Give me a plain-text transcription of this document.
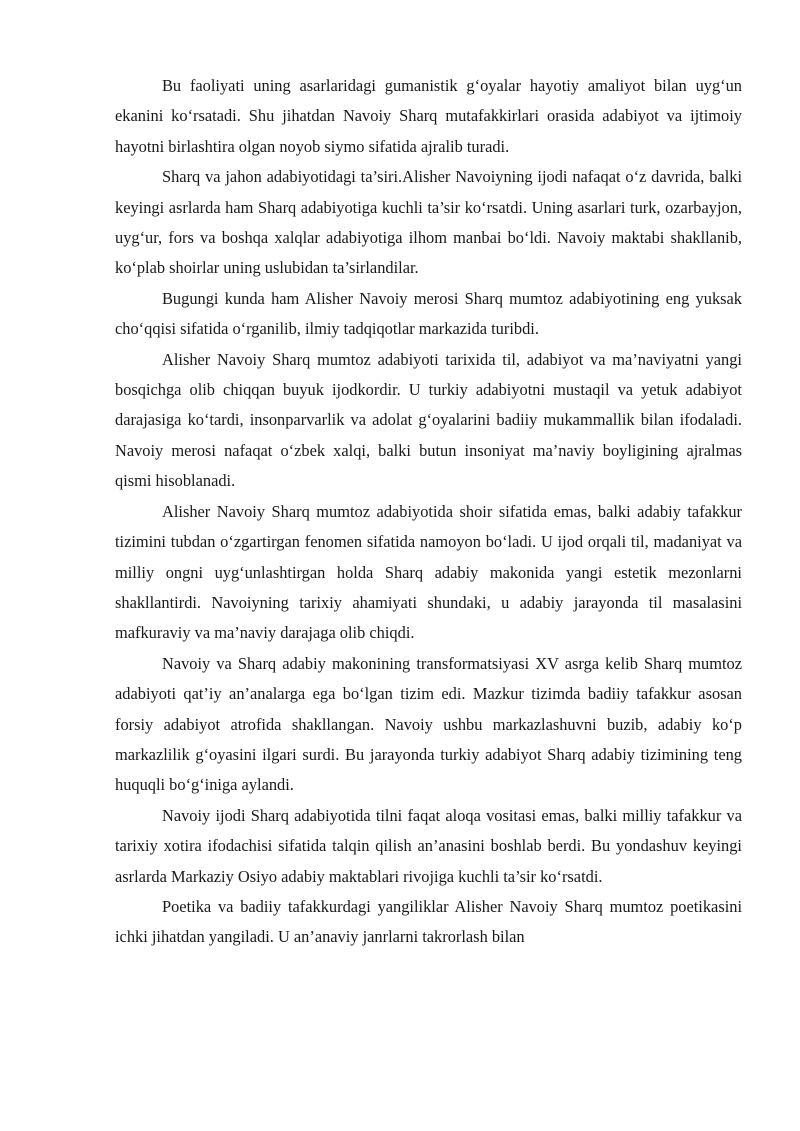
Bu faoliyati uning asarlaridagi gumanistik g‘oyalar hayotiy amaliyot bilan uyg‘un ekanini ko‘rsatadi. Shu jihatdan Navoiy Sharq mutafakkirlari orasida adabiyot va ijtimoiy hayotni birlashtira olgan noyob siymo sifatida ajralib turadi.

Sharq va jahon adabiyotidagi ta’siri.Alisher Navoiyning ijodi nafaqat o‘z davrida, balki keyingi asrlarda ham Sharq adabiyotiga kuchli ta’sir ko‘rsatdi. Uning asarlari turk, ozarbayjon, uyg‘ur, fors va boshqa xalqlar adabiyotiga ilhom manbai bo‘ldi. Navoiy maktabi shakllanib, ko‘plab shoirlar uning uslubidan ta’sirlandilar.

Bugungi kunda ham Alisher Navoiy merosi Sharq mumtoz adabiyotining eng yuksak cho‘qqisi sifatida o‘rganilib, ilmiy tadqiqotlar markazida turibdi.

Alisher Navoiy Sharq mumtoz adabiyoti tarixida til, adabiyot va ma’naviyatni yangi bosqichga olib chiqqan buyuk ijodkordir. U turkiy adabiyotni mustaqil va yetuk adabiyot darajasiga ko‘tardi, insonparvarlik va adolat g‘oyalarini badiiy mukammallik bilan ifodaladi. Navoiy merosi nafaqat o‘zbek xalqi, balki butun insoniyat ma’naviy boyligining ajralmas qismi hisoblanadi.

Alisher Navoiy Sharq mumtoz adabiyotida shoir sifatida emas, balki adabiy tafakkur tizimini tubdan o‘zgartirgan fenomen sifatida namoyon bo‘ladi. U ijod orqali til, madaniyat va milliy ongni uyg‘unlashtirgan holda Sharq adabiy makonida yangi estetik mezonlarni shakllantirdi. Navoiyning tarixiy ahamiyati shundaki, u adabiy jarayonda til masalasini mafkuraviy va ma’naviy darajaga olib chiqdi.

Navoiy va Sharq adabiy makonining transformatsiyasi XV asrga kelib Sharq mumtoz adabiyoti qat’iy an’analarga ega bo‘lgan tizim edi. Mazkur tizimda badiiy tafakkur asosan forsiy adabiyot atrofida shakllangan. Navoiy ushbu markazlashuvni buzib, adabiy ko‘p markazlilik g‘oyasini ilgari surdi. Bu jarayonda turkiy adabiyot Sharq adabiy tizimining teng huquqli bo‘g‘iniga aylandi.

Navoiy ijodi Sharq adabiyotida tilni faqat aloqa vositasi emas, balki milliy tafakkur va tarixiy xotira ifodachisi sifatida talqin qilish an’anasini boshlab berdi. Bu yondashuv keyingi asrlarda Markaziy Osiyo adabiy maktablari rivojiga kuchli ta’sir ko‘rsatdi.

Poetika va badiiy tafakkurdagi yangiliklar Alisher Navoiy Sharq mumtoz poetikasini ichki jihatdan yangiladi. U an’anaviy janrlarni takrorlash bilan
